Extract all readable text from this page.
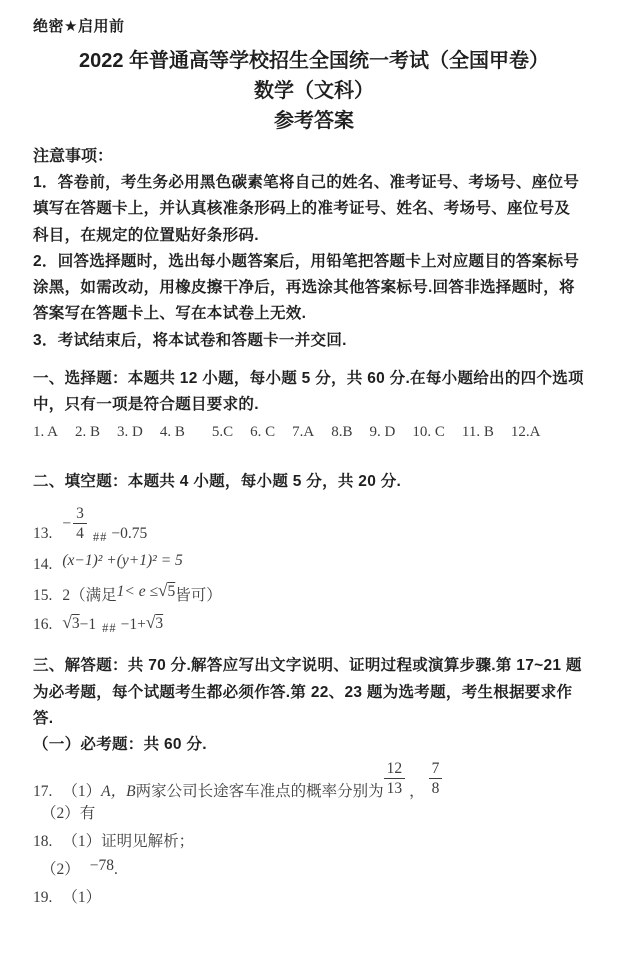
绝密★启用前
2022 年普通高等学校招生全国统一考试（全国甲卷）
数学（文科）
参考答案
注意事项：
1．答卷前，考生务必用黑色碳素笔将自己的姓名、准考证号、考场号、座位号
填写在答题卡上，并认真核准条形码上的准考证号、姓名、考场号、座位号及
科目，在规定的位置贴好条形码.
2．回答选择题时，选出每小题答案后，用铅笔把答题卡上对应题目的答案标号
涂黑，如需改动，用橡皮擦干净后，再选涂其他答案标号.回答非选择题时，将
答案写在答题卡上、写在本试卷上无效.
3．考试结束后，将本试卷和答题卡一并交回.
一、选择题：本题共 12 小题，每小题 5 分，共 60 分.在每小题给出的四个选项
中，只有一项是符合题目要求的.
1. A 2. B 3. D 4. B 5.C 6. C 7.A 8.B 9. D 10. C 11. B 12.A
二、填空题：本题共 4 小题，每小题 5 分，共 20 分.
13.
− $\frac{3}{4}$ ## −0.75
14. (x−1)² +(y+1)² = 5
15. 2（满足 1< e ≤ √ 5 皆可）
16. √ 3 −1 ## −1+ √ 3
三、解答题：共 70 分.解答应写出文字说明、证明过程或演算步骤.第 17~21 题
为必考题，每个试题考生都必须作答.第 22、23 题为选考题，考生根据要求作
答.
（一）必考题：共 60 分.
17. （1） A，B 两家公司长途客车准点的概率分别为 $\frac{12}{13}$ ， $\frac{7}{8}$
（2）有
18. （1）证明见解析；
（2） −78 .
19. （1）
